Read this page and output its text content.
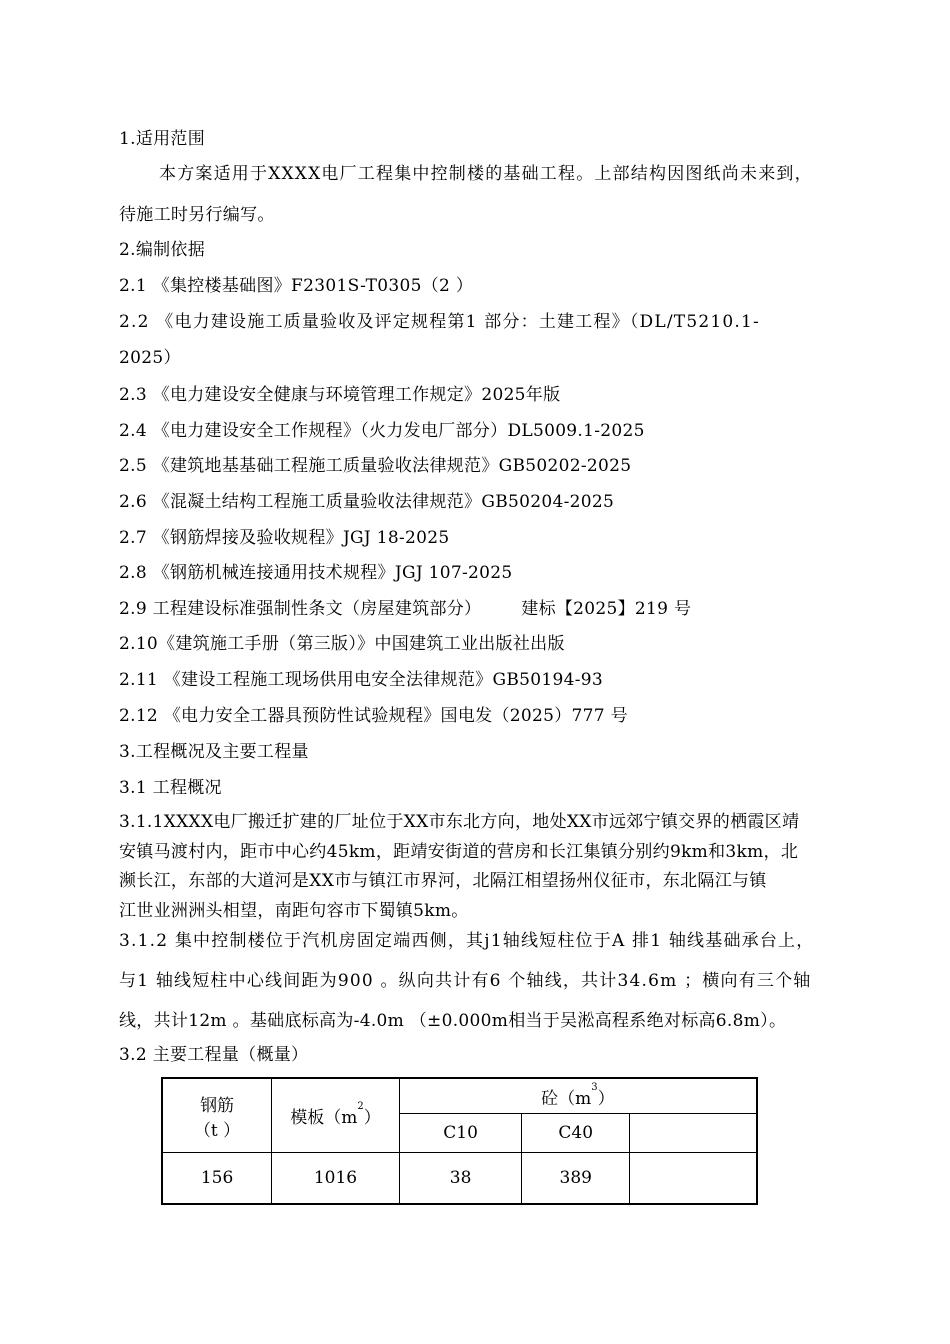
1.适用范围
本方案适用于XXXX电厂工程集中控制楼的基础工程。上部结构因图纸尚未来到，
待施工时另行编写。
2.编制依据
2.1 《集控楼基础图》F2301S-T0305（2 ）
2.2 《电力建设施工质量验收及评定规程第1 部分：土建工程》（DL/T5210.1-
2025）
2.3 《电力建设安全健康与环境管理工作规定》2025年版
2.4 《电力建设安全工作规程》（火力发电厂部分）DL5009.1-2025
2.5 《建筑地基基础工程施工质量验收法律规范》GB50202-2025
2.6 《混凝土结构工程施工质量验收法律规范》GB50204-2025
2.7 《钢筋焊接及验收规程》JGJ 18-2025
2.8 《钢筋机械连接通用技术规程》JGJ 107-2025
2.9 工程建设标准强制性条文（房屋建筑部分）       建标【2025】219 号
2.10《建筑施工手册（第三版）》中国建筑工业出版社出版
2.11 《建设工程施工现场供用电安全法律规范》GB50194-93
2.12 《电力安全工器具预防性试验规程》国电发（2025）777 号
3.工程概况及主要工程量
3.1 工程概况
3.1.1XXXX电厂搬迁扩建的厂址位于XX市东北方向，地处XX市远郊宁镇交界的栖霞区靖
安镇马渡村内，距市中心约45km，距靖安街道的营房和长江集镇分别约9km和3km，北
濒长江，东部的大道河是XX市与镇江市界河，北隔江相望扬州仪征市，东北隔江与镇
江世业洲洲头相望，南距句容市下蜀镇5km。
3.1.2 集中控制楼位于汽机房固定端西侧，其j1轴线短柱位于A 排1 轴线基础承台上，
与1 轴线短柱中心线间距为900 。纵向共计有6 个轴线，共计34.6m ；横向有三个轴
线，共计12m 。基础底标高为-4.0m （±0.000m相当于吴淞高程系绝对标高6.8m）。
3.2 主要工程量（概量）
钢筋
（t ）	模板$(m^2)$	砼$(m^3)$		
		C10	C40	
156	1016	38	389	
